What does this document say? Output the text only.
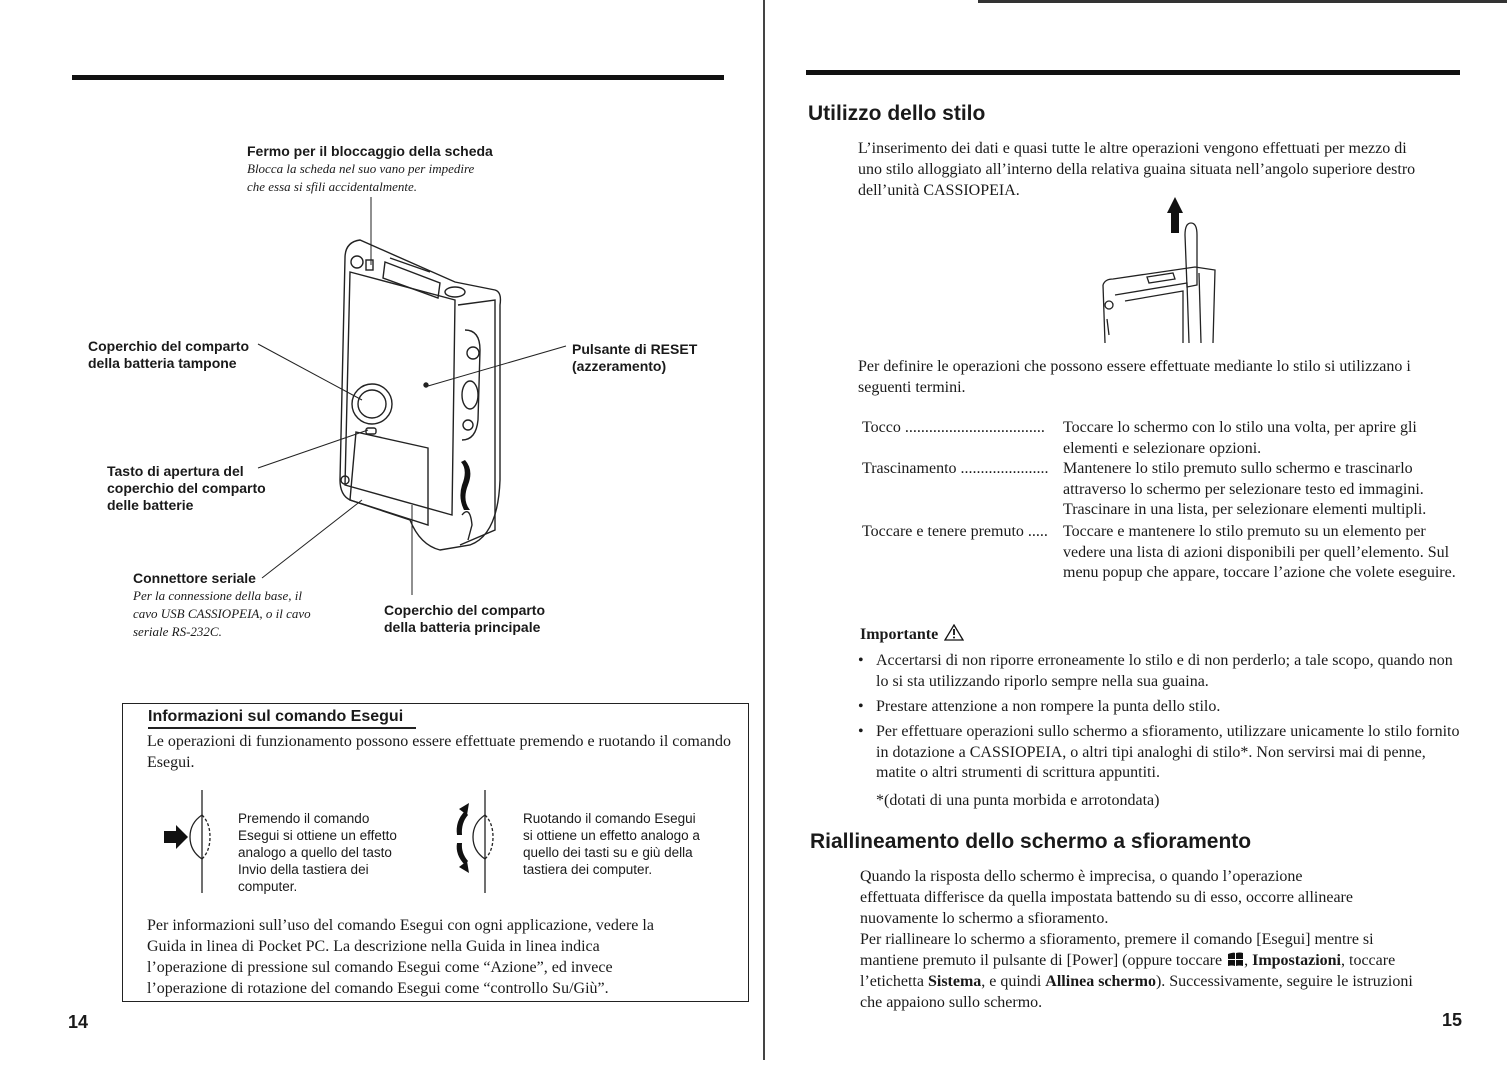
Fermo per il bloccaggio della scheda
Blocca la scheda nel suo vano per impedire
che essa si sfili accidentalmente.
Coperchio del comparto
della batteria tampone
Pulsante di RESET
(azzeramento)
Tasto di apertura del
coperchio del comparto
delle batterie
Connettore seriale
Per la connessione della base, il
cavo USB CASSIOPEIA, o il cavo
seriale RS-232C.
Coperchio del comparto
della batteria principale
Informazioni sul comando Esegui
Le operazioni di funzionamento possono essere effettuate premendo e ruotando il comando Esegui.
Premendo il comando
Esegui si ottiene un effetto
analogo a quello del tasto
Invio della tastiera dei
computer.
Ruotando il comando Esegui
si ottiene un effetto analogo a
quello dei tasti su e giù della
tastiera dei computer.
Per informazioni sull’uso del comando Esegui con ogni applicazione, vedere la
Guida in linea di Pocket PC. La descrizione nella Guida in linea indica
l’operazione di pressione sul comando Esegui come “Azione”, ed invece
l’operazione di rotazione del comando Esegui come “controllo Su/Giù”.
14
Utilizzo dello stilo
L’inserimento dei dati e quasi tutte le altre operazioni vengono effettuati per mezzo di
uno stilo alloggiato all’interno della relativa guaina situata nell’angolo superiore destro
dell’unità CASSIOPEIA.
Per definire le operazioni che possono essere effettuate mediante lo stilo si utilizzano i
seguenti termini.
Tocco ................................... Toccare lo schermo con lo stilo una volta, per aprire gli elementi e selezionare opzioni.
Trascinamento ...................... Mantenere lo stilo premuto sullo schermo e trascinarlo attraverso lo schermo per selezionare testo ed immagini. Trascinare in una lista, per selezionare elementi multipli.
Toccare e tenere premuto ..... Toccare e mantenere lo stilo premuto su un elemento per vedere una lista di azioni disponibili per quell’elemento. Sul menu popup che appare, toccare l’azione che volete eseguire.
Importante
• Accertarsi di non riporre erroneamente lo stilo e di non perderlo; a tale scopo, quando non lo si sta utilizzando riporlo sempre nella sua guaina.
• Prestare attenzione a non rompere la punta dello stilo.
• Per effettuare operazioni sullo schermo a sfioramento, utilizzare unicamente lo stilo fornito in dotazione a CASSIOPEIA, o altri tipi analoghi di stilo*. Non servirsi mai di penne, matite o altri strumenti di scrittura appuntiti.
*(dotati di una punta morbida e arrotondata)
Riallineamento dello schermo a sfioramento
Quando la risposta dello schermo è imprecisa, o quando l’operazione
effettuata differisce da quella impostata battendo su di esso, occorre allineare
nuovamente lo schermo a sfioramento.
Per riallineare lo schermo a sfioramento, premere il comando [Esegui] mentre si
mantiene premuto il pulsante di [Power] (oppure toccare , Impostazioni, toccare
l’etichetta Sistema, e quindi Allinea schermo). Successivamente, seguire le istruzioni
che appaiono sullo schermo.
15
